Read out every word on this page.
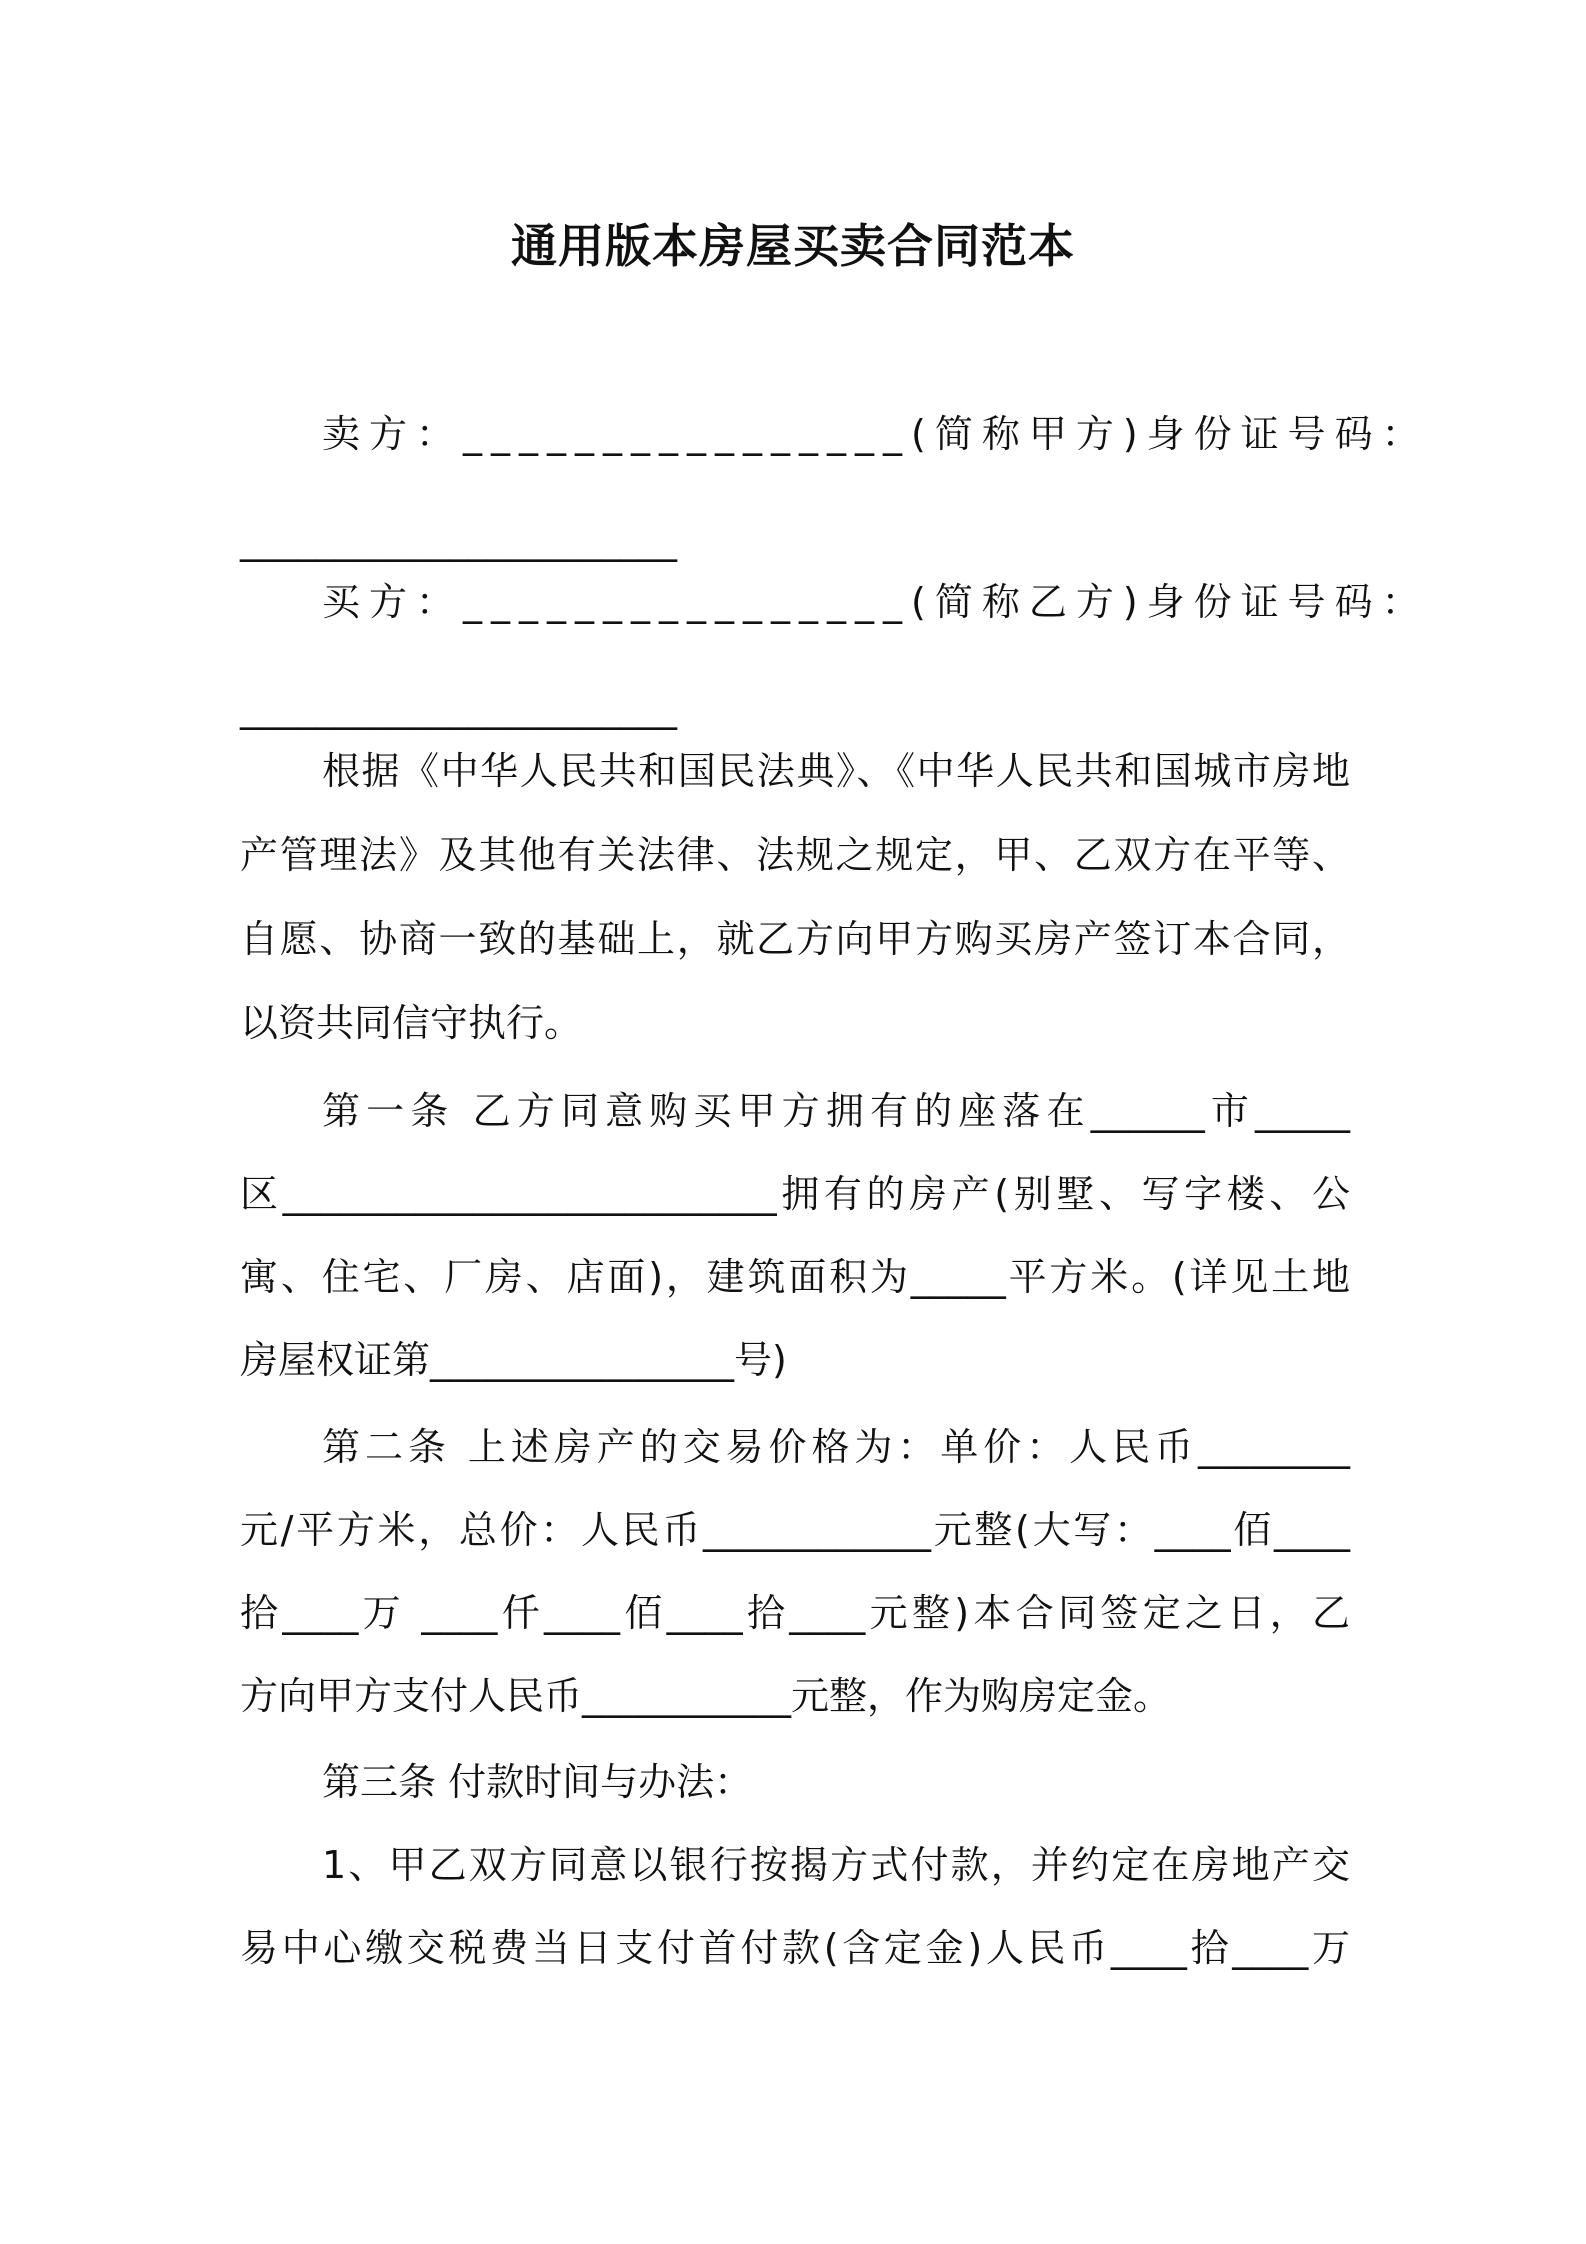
通用版本房屋买卖合同范本

卖方：________________(简称甲方)身份证号码：

_______________________

买方：________________(简称乙方)身份证号码：

_______________________

根据《中华人民共和国民法典》、《中华人民共和国城市房地

产管理法》及其他有关法律、法规之规定，甲、乙双方在平等、

自愿、协商一致的基础上，就乙方向甲方购买房产签订本合同，

以资共同信守执行。

第一条 乙方同意购买甲方拥有的座落在______市_____

区__________________________拥有的房产(别墅、写字楼、公

寓、住宅、厂房、店面)，建筑面积为_____平方米。(详见土地

房屋权证第________________号)

第二条 上述房产的交易价格为：单价：人民币________

元/平方米，总价：人民币____________元整(大写：____佰____

拾____万 ____仟____佰____拾____元整)本合同签定之日，乙

方向甲方支付人民币___________元整，作为购房定金。

第三条 付款时间与办法：

1、甲乙双方同意以银行按揭方式付款，并约定在房地产交

易中心缴交税费当日支付首付款(含定金)人民币____拾____万
